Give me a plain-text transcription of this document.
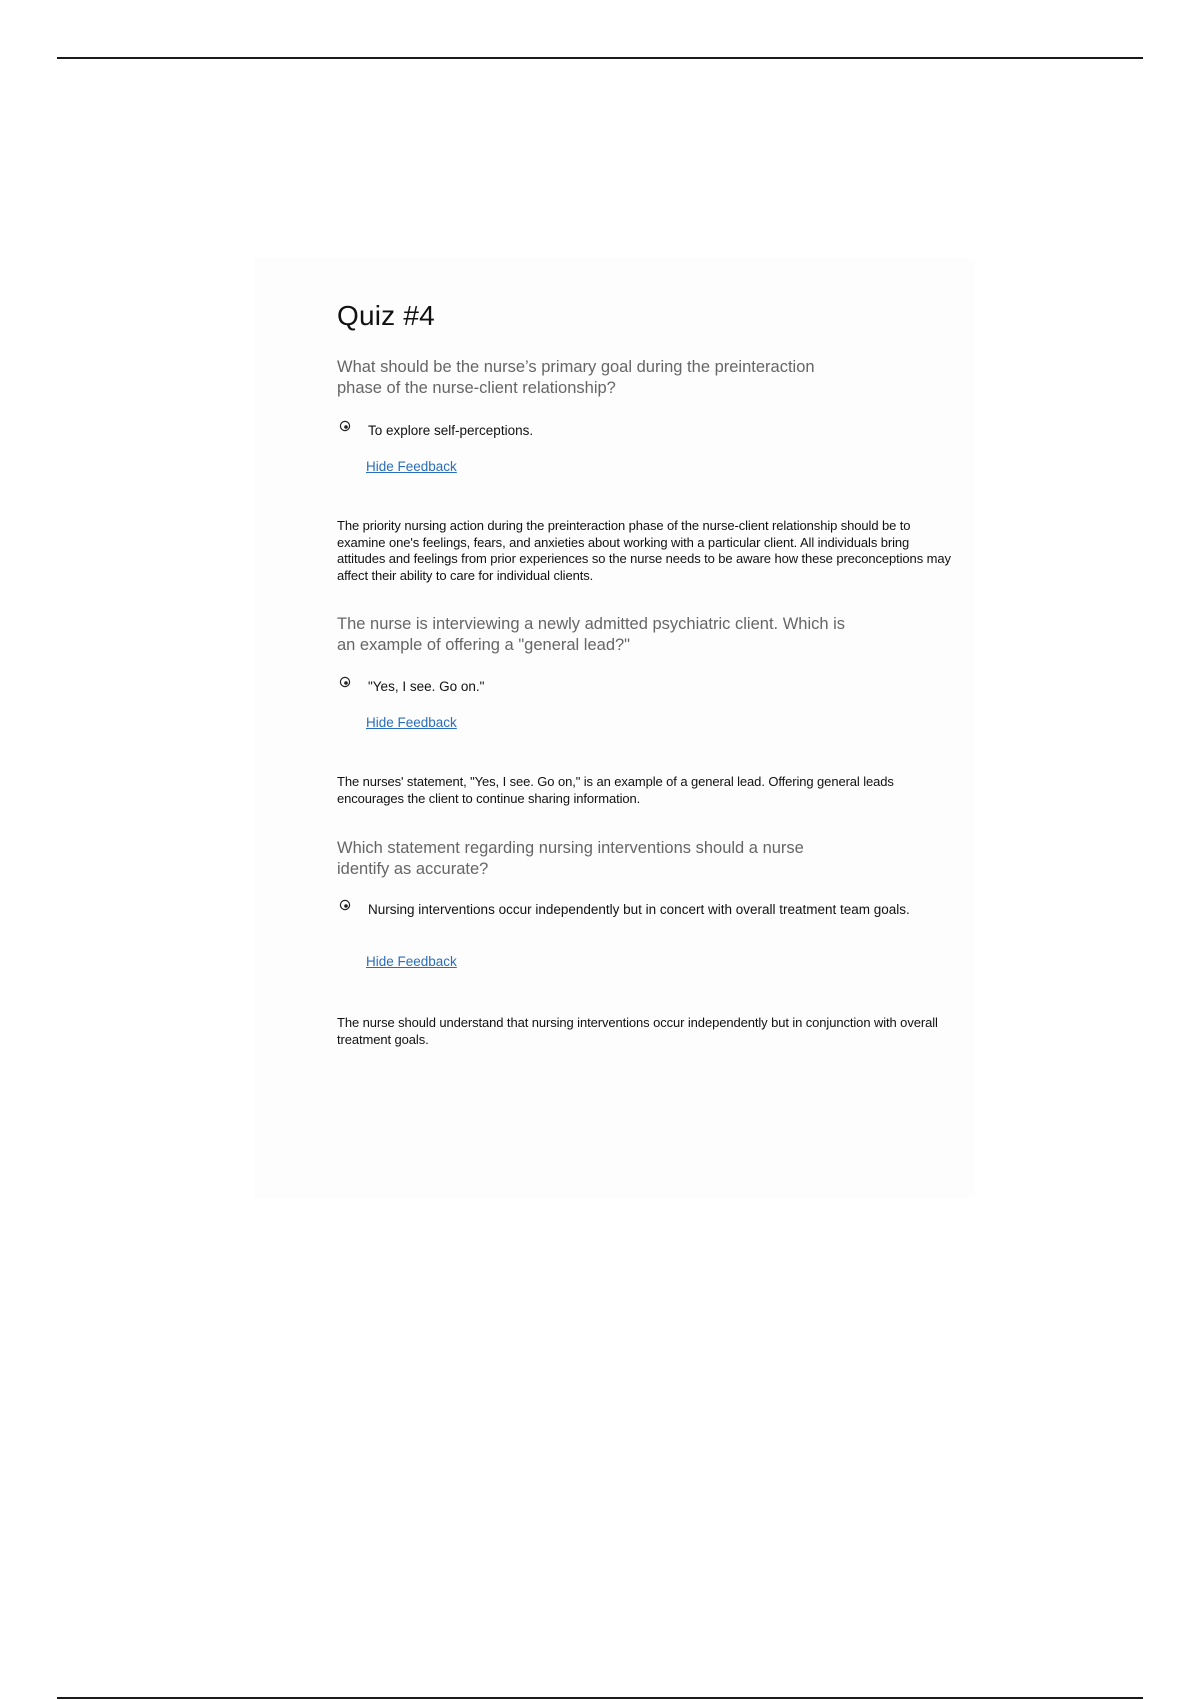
Quiz #4
What should be the nurse’s primary goal during the preinteraction phase of the nurse-client relationship?
To explore self-perceptions.
Hide Feedback
The priority nursing action during the preinteraction phase of the nurse-client relationship should be to examine one's feelings, fears, and anxieties about working with a particular client. All individuals bring attitudes and feelings from prior experiences so the nurse needs to be aware how these preconceptions may affect their ability to care for individual clients.
The nurse is interviewing a newly admitted psychiatric client. Which is an example of offering a "general lead?"
"Yes, I see. Go on."
Hide Feedback
The nurses' statement, "Yes, I see. Go on," is an example of a general lead. Offering general leads encourages the client to continue sharing information.
Which statement regarding nursing interventions should a nurse identify as accurate?
Nursing interventions occur independently but in concert with overall treatment team goals.
Hide Feedback
The nurse should understand that nursing interventions occur independently but in conjunction with overall treatment goals.
